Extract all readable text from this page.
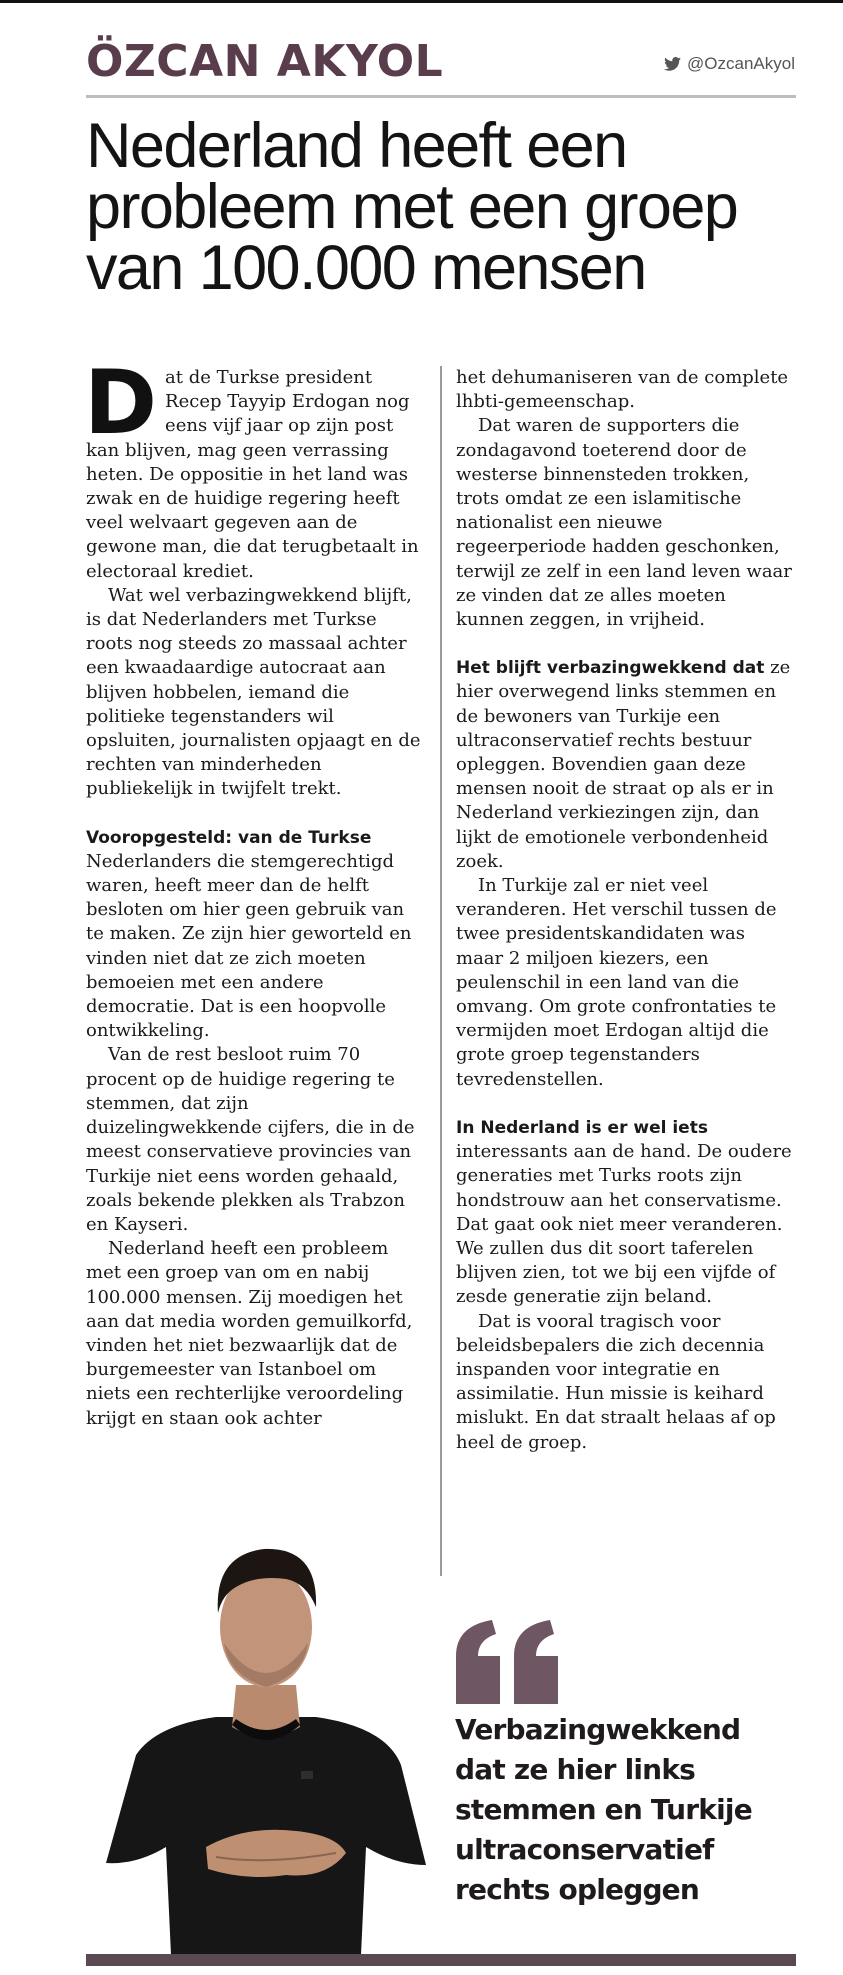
ÖZCAN AKYOL	@OzcanAkyol
Nederland heeft een probleem met een groep van 100.000 mensen

Dat de Turkse president Recep Tayyip Erdogan nog eens vijf jaar op zijn post kan blijven, mag geen verrassing heten. De oppositie in het land was zwak en de huidige regering heeft veel welvaart gegeven aan de gewone man, die dat terugbetaalt in electoraal krediet.

Wat wel verbazingwekkend blijft, is dat Nederlanders met Turkse roots nog steeds zo massaal achter een kwaadaardige autocraat aan blijven hobbelen, iemand die politieke tegenstanders wil opsluiten, journalisten opjaagt en de rechten van minderheden publiekelijk in twijfelt trekt.

Vooropgesteld: van de Turkse Nederlanders die stemgerechtigd waren, heeft meer dan de helft besloten om hier geen gebruik van te maken. Ze zijn hier geworteld en vinden niet dat ze zich moeten bemoeien met een andere democratie. Dat is een hoopvolle ontwikkeling.

Van de rest besloot ruim 70 procent op de huidige regering te stemmen, dat zijn duizelingwekkende cijfers, die in de meest conservatieve provincies van Turkije niet eens worden gehaald, zoals bekende plekken als Trabzon en Kayseri.

Nederland heeft een probleem met een groep van om en nabij 100.000 mensen. Zij moedigen het aan dat media worden gemuilkorfd, vinden het niet bezwaarlijk dat de burgemeester van Istanboel om niets een rechterlijke veroordeling krijgt en staan ook achter

het dehumaniseren van de complete lhbti-gemeenschap.

Dat waren de supporters die zondagavond toeterend door de westerse binnensteden trokken, trots omdat ze een islamitische nationalist een nieuwe regeerperiode hadden geschonken, terwijl ze zelf in een land leven waar ze vinden dat ze alles moeten kunnen zeggen, in vrijheid.

Het blijft verbazingwekkend dat ze hier overwegend links stemmen en de bewoners van Turkije een ultraconservatief rechts bestuur opleggen. Bovendien gaan deze mensen nooit de straat op als er in Nederland verkiezingen zijn, dan lijkt de emotionele verbondenheid zoek.

In Turkije zal er niet veel veranderen. Het verschil tussen de twee presidentskandidaten was maar 2 miljoen kiezers, een peulenschil in een land van die omvang. Om grote confrontaties te vermijden moet Erdogan altijd die grote groep tegenstanders tevredenstellen.

In Nederland is er wel iets interessants aan de hand. De oudere generaties met Turks roots zijn hondstrouw aan het conservatisme. Dat gaat ook niet meer veranderen. We zullen dus dit soort taferelen blijven zien, tot we bij een vijfde of zesde generatie zijn beland.

Dat is vooral tragisch voor beleidsbepalers die zich decennia inspanden voor integratie en assimilatie. Hun missie is keihard mislukt. En dat straalt helaas af op heel de groep.

Verbazingwekkend dat ze hier links stemmen en Turkije ultraconservatief rechts opleggen
